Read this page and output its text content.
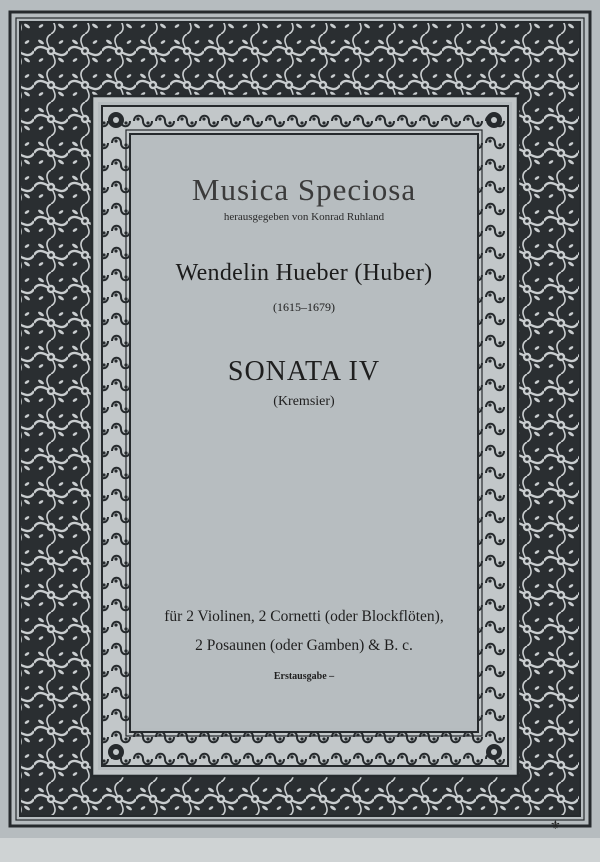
Musica Speciosa
herausgegeben von Konrad Ruhland
Wendelin Hueber (Huber)
(1615–1679)
SONATA IV
(Kremsier)
für 2 Violinen, 2 Cornetti (oder Blockflöten),
2 Posaunen (oder Gamben) & B. c.
Erstausgabe –
⚜
